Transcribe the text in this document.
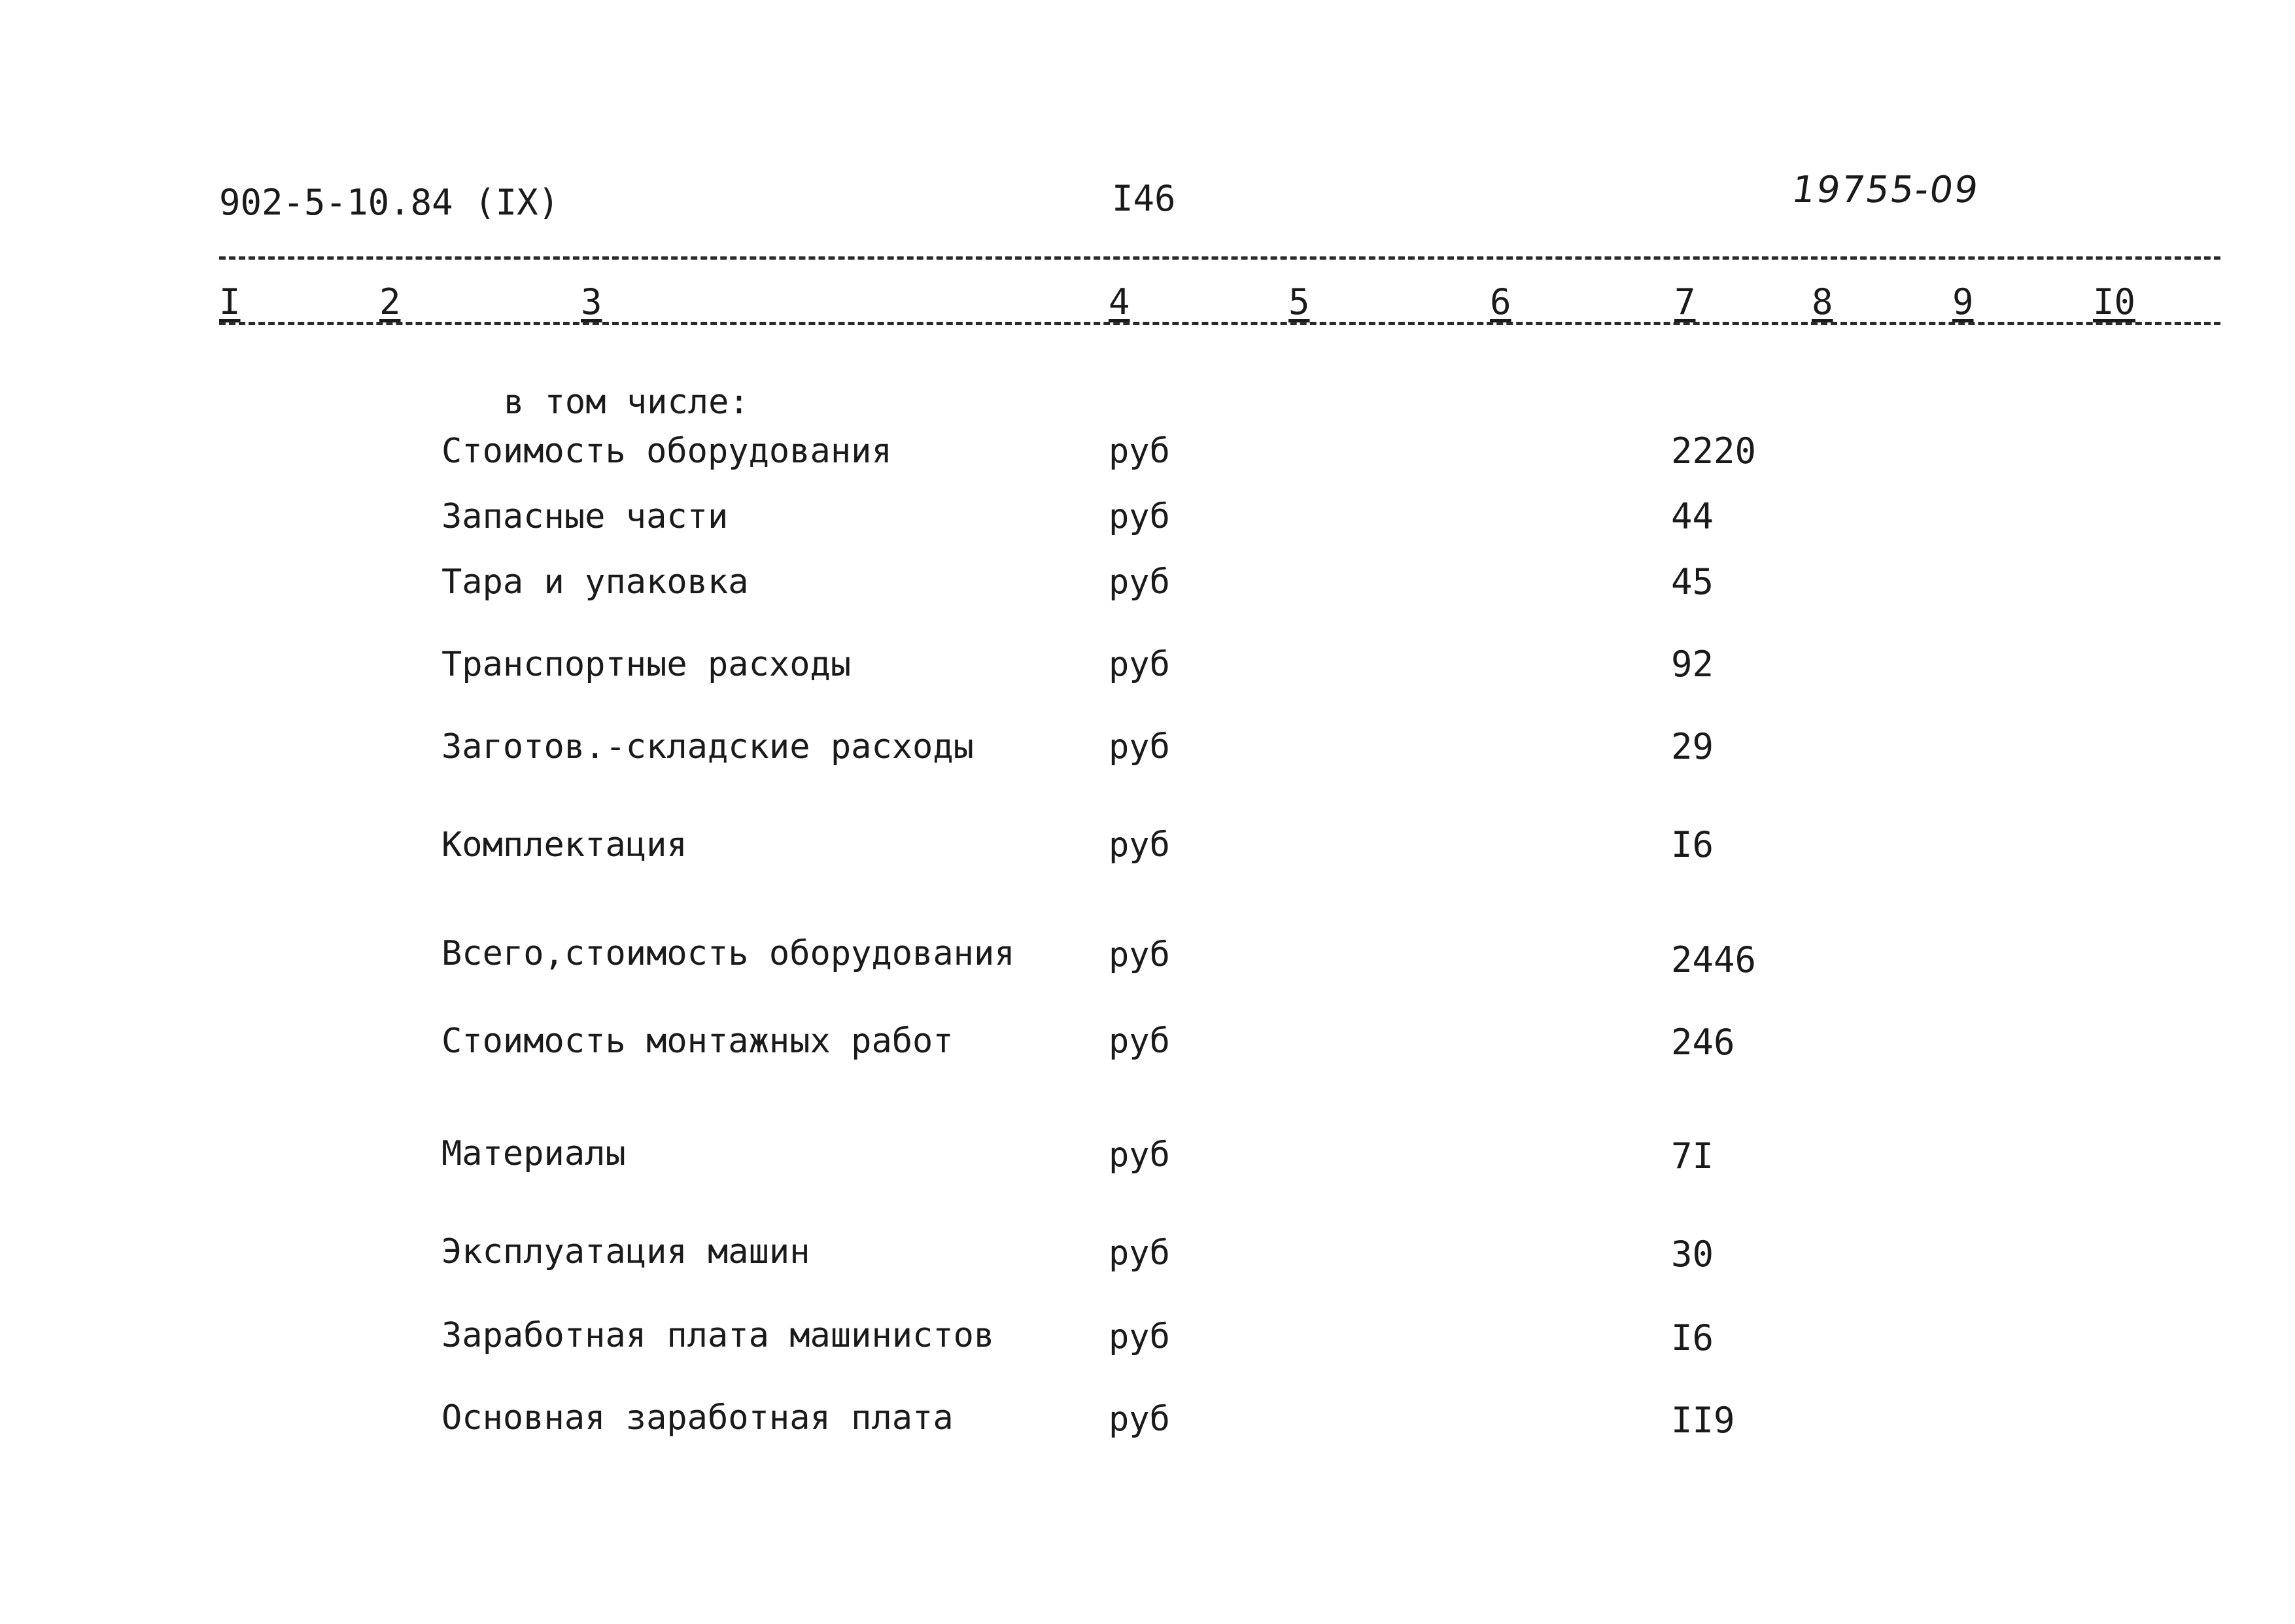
902-5-10.84 (IX)	I46	19755-09
I	2	3	4	5	6	7	8	9	I0
в том числе:
Стоимость оборудования	руб	2220
Запасные части	руб	44
Тара и упаковка	руб	45
Транспортные расходы	руб	92
Заготов.-складские расходы	руб	29
Комплектация	руб	I6
Всего,стоимость оборудования	руб	2446
Стоимость монтажных работ	руб	246
Материалы	руб	7I
Эксплуатация машин	руб	30
Заработная плата машинистов	руб	I6
Основная заработная плата	руб	II9
